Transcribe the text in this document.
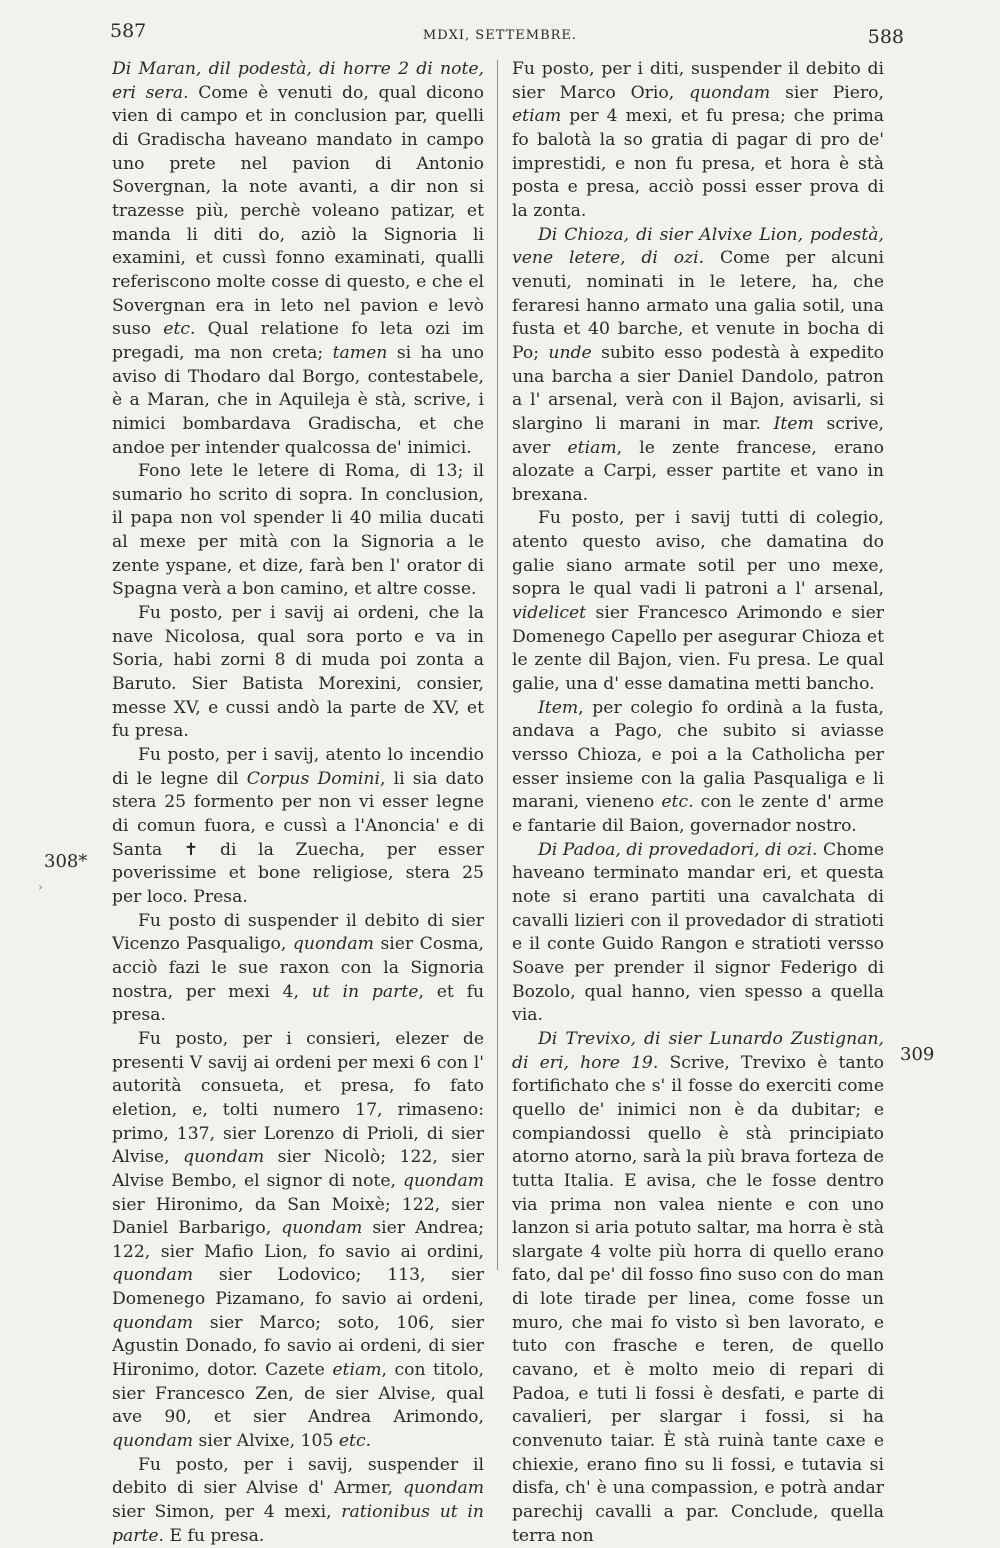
587	MDXI, SETTEMBRE.	588

Di Maran, dil podestà, di horre 2 di note, eri sera. Come è venuti do, qual dicono vien di campo et in conclusion par, quelli di Gradischa haveano mandato in campo uno prete nel pavion di Antonio Sovergnan, la note avanti, a dir non si trazesse più, perchè voleano patizar, et manda li diti do, aziò la Signoria li examini, et cussì fonno examinati, qualli referiscono molte cosse di questo, e che el Sovergnan era in leto nel pavion e levò suso etc. Qual relatione fo leta ozi im pregadi, ma non creta; tamen si ha uno aviso di Thodaro dal Borgo, contestabele, è a Maran, che in Aquileja è stà, scrive, i nimici bombardava Gradischa, et che andoe per intender qualcossa de' inimici.

Fono lete le letere di Roma, di 13; il sumario ho scrito di sopra. In conclusion, il papa non vol spender li 40 milia ducati al mexe per mità con la Signoria a le zente yspane, et dize, farà ben l' orator di Spagna verà a bon camino, et altre cosse.

Fu posto, per i savij ai ordeni, che la nave Nicolosa, qual sora porto e va in Soria, habi zorni 8 di muda poi zonta a Baruto. Sier Batista Morexini, consier, messe XV, e cussi andò la parte de XV, et fu presa.

Fu posto, per i savij, atento lo incendio di le legne dil Corpus Domini, li sia dato stera 25 formento per non vi esser legne di comun fuora, e cussì a l'Anoncia' e di Santa ✝ di la Zuecha, per esser poverissime et bone religiose, stera 25 per loco. Presa.

Fu posto di suspender il debito di sier Vicenzo Pasqualigo, quondam sier Cosma, acciò fazi le sue raxon con la Signoria nostra, per mexi 4, ut in parte, et fu presa.

Fu posto, per i consieri, elezer de presenti V savij ai ordeni per mexi 6 con l' autorità consueta, et presa, fo fato eletion, e, tolti numero 17, rimaseno: primo, 137, sier Lorenzo di Prioli, di sier Alvise, quondam sier Nicolò; 122, sier Alvise Bembo, el signor di note, quondam sier Hironimo, da San Moixè; 122, sier Daniel Barbarigo, quondam sier Andrea; 122, sier Mafio Lion, fo savio ai ordini, quondam sier Lodovico; 113, sier Domenego Pizamano, fo savio ai ordeni, quondam sier Marco; soto, 106, sier Agustin Donado, fo savio ai ordeni, di sier Hironimo, dotor. Cazete etiam, con titolo, sier Francesco Zen, de sier Alvise, qual ave 90, et sier Andrea Arimondo, quondam sier Alvixe, 105 etc.

Fu posto, per i savij, suspender il debito di sier Alvise d' Armer, quondam sier Simon, per 4 mexi, rationibus ut in parte. E fu presa.

Fu posto, per i diti, suspender il debito di sier Marco Orio, quondam sier Piero, etiam per 4 mexi, et fu presa; che prima fo balotà la so gratia di pagar di pro de' imprestidi, e non fu presa, et hora è stà posta e presa, acciò possi esser prova di la zonta.

Di Chioza, di sier Alvixe Lion, podestà, vene letere, di ozi. Come per alcuni venuti, nominati in le letere, ha, che feraresi hanno armato una galia sotil, una fusta et 40 barche, et venute in bocha di Po; unde subito esso podestà à expedito una barcha a sier Daniel Dandolo, patron a l' arsenal, verà con il Bajon, avisarli, si slargino li marani in mar. Item scrive, aver etiam, le zente francese, erano alozate a Carpi, esser partite et vano in brexana.

Fu posto, per i savij tutti di colegio, atento questo aviso, che damatina do galie siano armate sotil per uno mexe, sopra le qual vadi li patroni a l' arsenal, videlicet sier Francesco Arimondo e sier Domenego Capello per asegurar Chioza et le zente dil Bajon, vien. Fu presa. Le qual galie, una d' esse damatina metti bancho.

Item, per colegio fo ordinà a la fusta, andava a Pago, che subito si aviasse versso Chioza, e poi a la Catholicha per esser insieme con la galia Pasqualiga e li marani, vieneno etc. con le zente d' arme e fantarie dil Baion, governador nostro.

Di Padoa, di provedadori, di ozi. Chome haveano terminato mandar eri, et questa note si erano partiti una cavalchata di cavalli lizieri con il provedador di stratioti e il conte Guido Rangon e stratioti versso Soave per prender il signor Federigo di Bozolo, qual hanno, vien spesso a quella via.

Di Trevixo, di sier Lunardo Zustignan, di eri, hore 19. Scrive, Trevixo è tanto fortifichato che s' il fosse do exerciti come quello de' inimici non è da dubitar; e compiandossi quello è stà principiato atorno atorno, sarà la più brava forteza de tutta Italia. E avisa, che le fosse dentro via prima non valea niente e con uno lanzon si aria potuto saltar, ma horra è stà slargate 4 volte più horra di quello erano fato, dal pe' dil fosso fino suso con do man di lote tirade per linea, come fosse un muro, che mai fo visto sì ben lavorato, e tuto con frasche e teren, de quello cavano, et è molto meio di repari di Padoa, e tuti li fossi è desfati, e parte di cavalieri, per slargar i fossi, si ha convenuto taiar. È stà ruinà tante caxe e chiexie, erano fino su li fossi, e tutavia si disfa, ch' è una compassion, e potrà andar parechij cavalli a par. Conclude, quella terra non

308*
309
›
